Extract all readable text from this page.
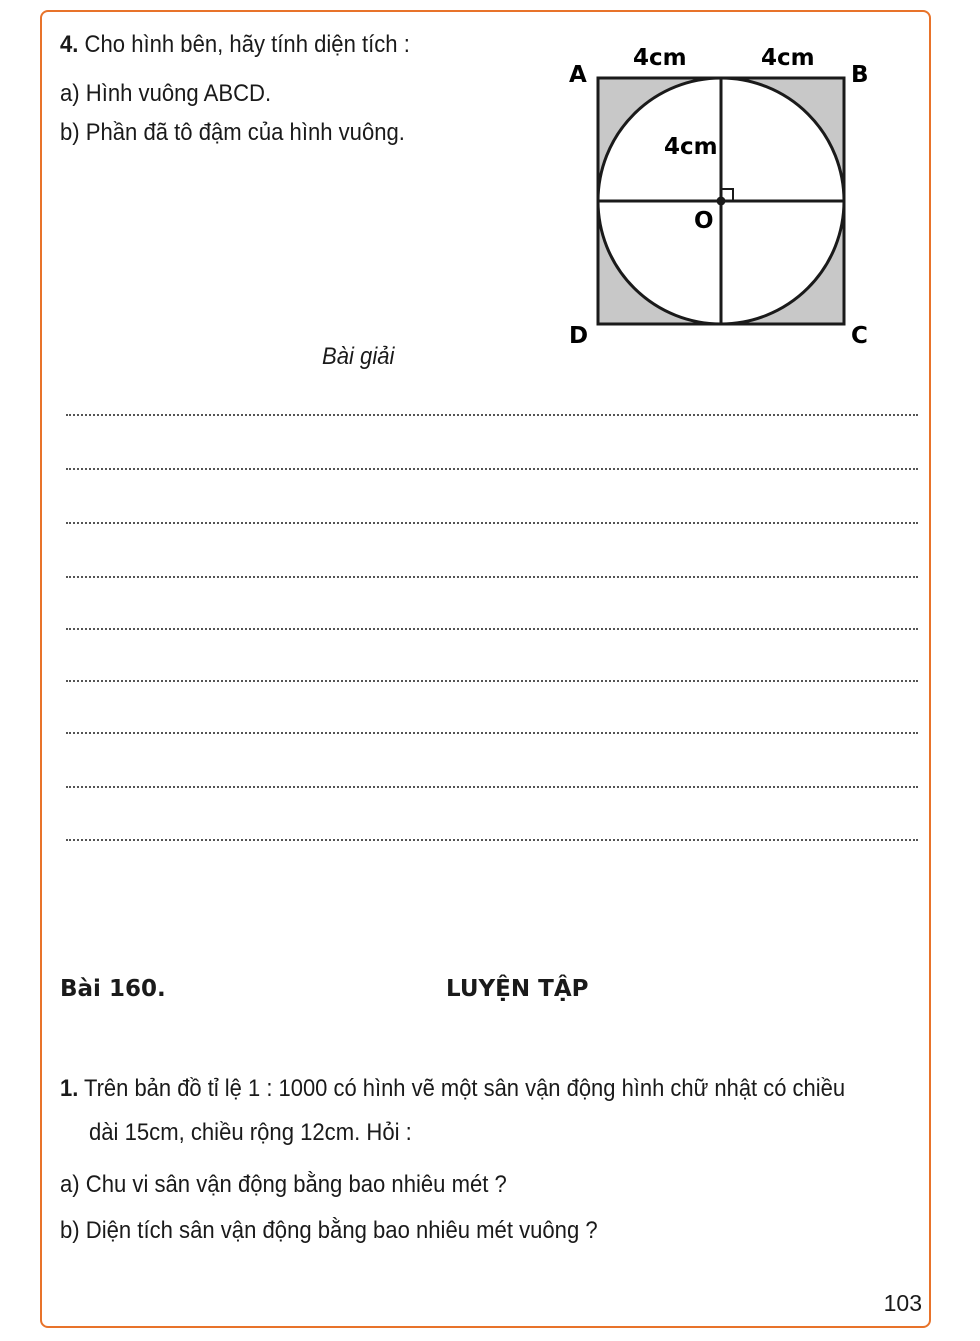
4. Cho hình bên, hãy tính diện tích :
a) Hình vuông ABCD.
b) Phần đã tô đậm của hình vuông.
A	B
C
D
O
4cm	4cm
4cm
Bài giải
Bài 160.	LUYỆN TẬP
1. Trên bản đồ tỉ lệ 1 : 1000 có hình vẽ một sân vận động hình chữ nhật có chiều
dài 15cm, chiều rộng 12cm. Hỏi :
a) Chu vi sân vận động bằng bao nhiêu mét ?
b) Diện tích sân vận động bằng bao nhiêu mét vuông ?
103
